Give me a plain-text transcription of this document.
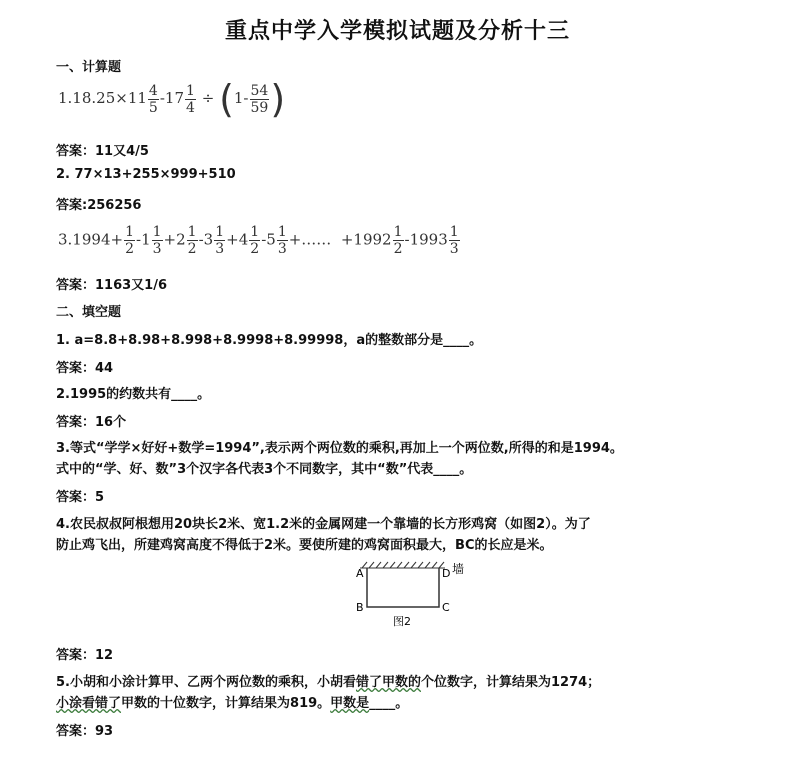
重点中学入学模拟试题及分析十三
一、计算题
$1.18.25\times 11 \frac{4}{5} -17 \frac{1}{4} \div (1- \frac{54}{59}$ )
答案：11又4/5
2. 77×13+255×999+510
答案:256256
$3.1994+ \frac{1}{2} -1 \frac{1}{3} +2 \frac{1}{2} -3 \frac{1}{3} +4 \frac{1}{2} -5 \frac{1}{3}$ +…… $+1992 \frac{1}{2} -1993 \frac{1}{3}$
答案：1163又1/6
二、填空题
1. a=8.8+8.98+8.998+8.9998+8.99998，a的整数部分是____。
答案：44
2.1995的约数共有____。
答案：16个
3.等式“学学×好好+数学=1994”,表示两个两位数的乘积,再加上一个两位数,所得的和是1994。
式中的“学、好、数”3个汉字各代表3个不同数字，其中“数”代表____。
答案：5
4.农民叔叔阿根想用20块长2米、宽1.2米的金属网建一个靠墙的长方形鸡窝（如图2）。为了
防止鸡飞出，所建鸡窝高度不得低于2米。要使所建的鸡窝面积最大，BC的长应是米。
A	D
B	C
墙
图2
答案：12
5.小胡和小涂计算甲、乙两个两位数的乘积，小胡看错了甲数的个位数字，计算结果为1274；
小涂看错了甲数的十位数字，计算结果为819。甲数是____。
答案：93
